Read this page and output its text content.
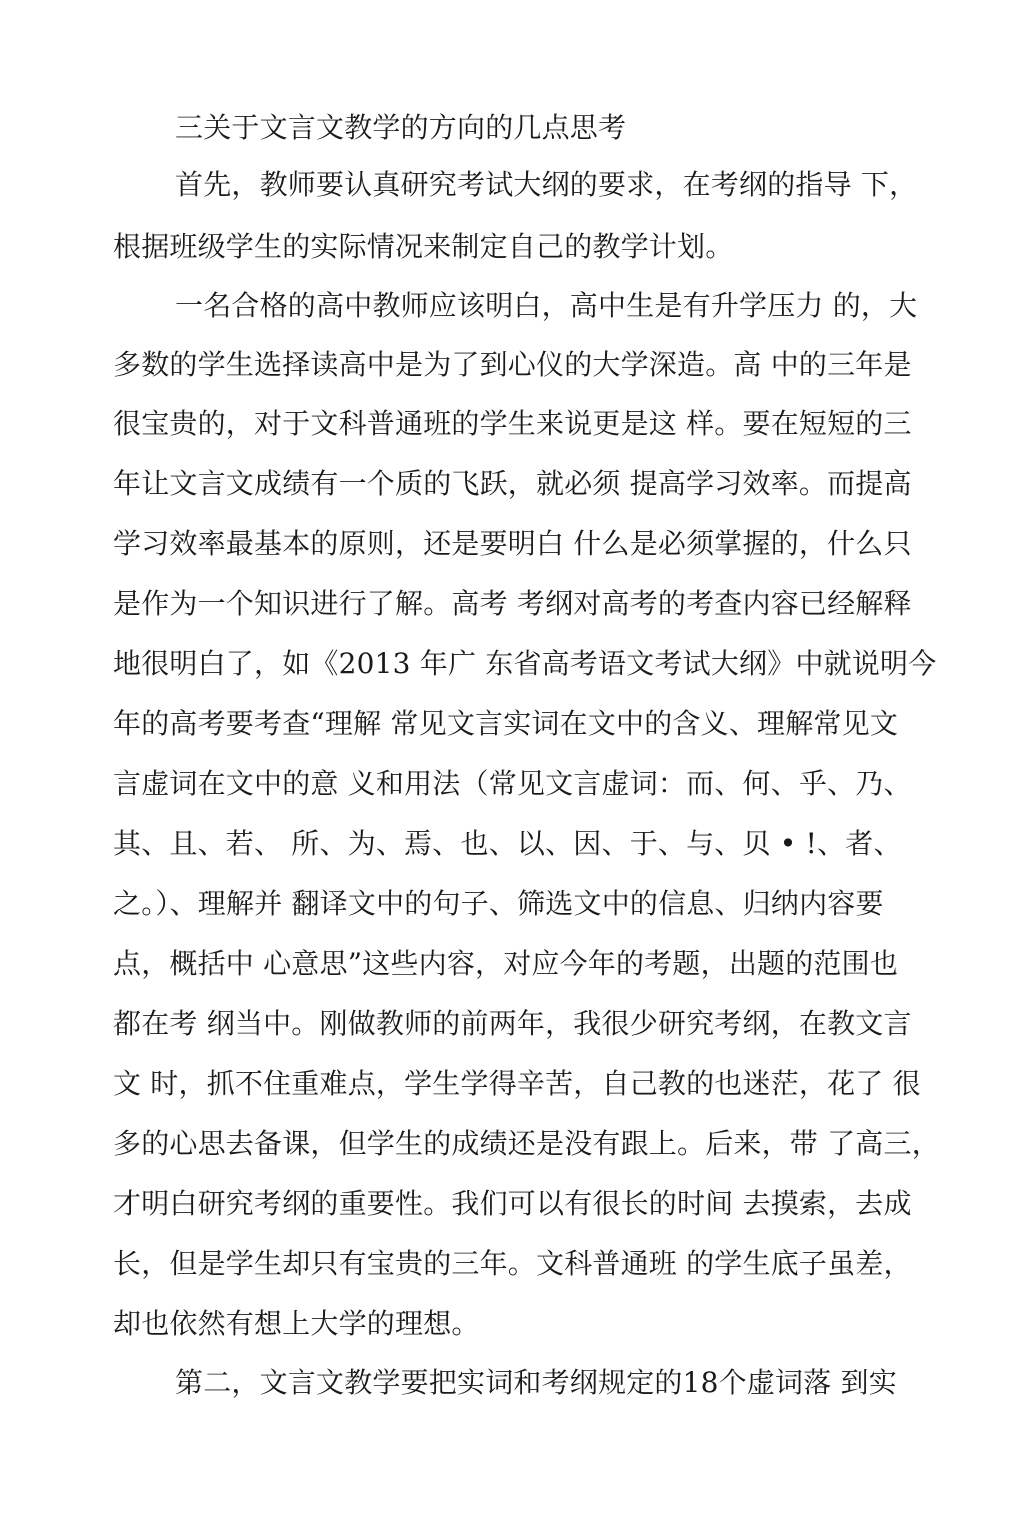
三关于文言文教学的方向的几点思考
首先，教师要认真研究考试大纲的要求，在考纲的指导 下，
根据班级学生的实际情况来制定自己的教学计划。
一名合格的高中教师应该明白，高中生是有升学压力 的，大
多数的学生选择读高中是为了到心仪的大学深造。高 中的三年是
很宝贵的，对于文科普通班的学生来说更是这 样。要在短短的三
年让文言文成绩有一个质的飞跃，就必须 提高学习效率。而提高
学习效率最基本的原则，还是要明白 什么是必须掌握的，什么只
是作为一个知识进行了解。高考 考纲对高考的考查内容已经解释
地很明白了，如《2013 年广 东省高考语文考试大纲》中就说明今
年的高考要考查“理解 常见文言实词在文中的含义、理解常见文
言虚词在文中的意 义和用法（常见文言虚词：而、何、乎、乃、
其、且、若、 所、为、焉、也、以、因、于、与、贝 • !、者、
之。）、理解并 翻译文中的句子、筛选文中的信息、归纳内容要
点，概括中 心意思”这些内容，对应今年的考题，出题的范围也
都在考 纲当中。刚做教师的前两年，我很少研究考纲，在教文言
文 时，抓不住重难点，学生学得辛苦，自己教的也迷茫，花了 很
多的心思去备课，但学生的成绩还是没有跟上。后来，带 了高三，
才明白研究考纲的重要性。我们可以有很长的时间 去摸索，去成
长，但是学生却只有宝贵的三年。文科普通班 的学生底子虽差，
却也依然有想上大学的理想。
第二，文言文教学要把实词和考纲规定的18个虚词落 到实
